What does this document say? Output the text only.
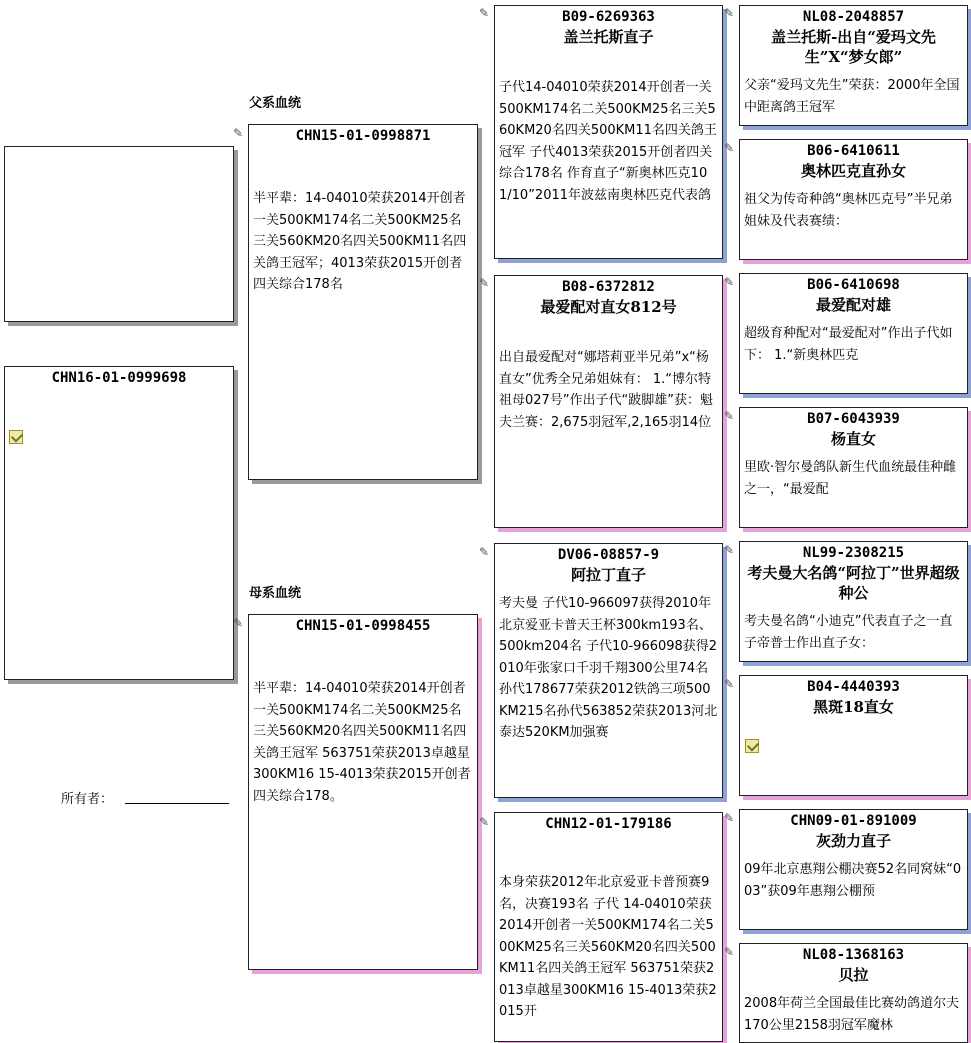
CHN16-01-0999698
所有者：
父系血统
母系血统
✎	CHN15-01-0998871
半平辈：14-04010荣获2014开创者一关500KM174名二关500KM25名三关560KM20名四关500KM11名四关鸽王冠军；4013荣获2015开创者四关综合178名
✎	CHN15-01-0998455
半平辈：14-04010荣获2014开创者一关500KM174名二关500KM25名三关560KM20名四关500KM11名四关鸽王冠军 563751荣获2013卓越星300KM16 15-4013荣获2015开创者四关综合178。
✎	B09-6269363
盖兰托斯直子
子代14-04010荣获2014开创者一关500KM174名二关500KM25名三关560KM20名四关500KM11名四关鸽王冠军 子代4013荣获2015开创者四关综合178名 作育直子“新奥林匹克101/10”2011年波兹南奥林匹克代表鸽
✎	B08-6372812
最爱配对直女812号
出自最爱配对“娜塔莉亚半兄弟”x“杨直女”优秀全兄弟姐妹有： 1.“博尔特祖母027号”作出子代“跛脚雄”获：魁夫兰赛：2,675羽冠军,2,165羽14位
✎	DV06-08857-9
阿拉丁直子
考夫曼 子代10-966097获得2010年北京爱亚卡普天王杯300km193名、500km204名 子代10-966098获得2010年张家口千羽千翔300公里74名孙代178677荣获2012铁鸽三项500KM215名孙代563852荣获2013河北泰达520KM加强赛
✎	CHN12-01-179186
本身荣获2012年北京爱亚卡普预赛9名，决赛193名 子代 14-04010荣获2014开创者一关500KM174名二关500KM25名三关560KM20名四关500KM11名四关鸽王冠军 563751荣获2013卓越星300KM16 15-4013荣获2015开
✎	NL08-2048857
盖兰托斯-出自“爱玛文先生”X“梦女郎”
父亲“爱玛文先生”荣获：2000年全国中距离鸽王冠军
✎	B06-6410611
奥林匹克直孙女
祖父为传奇种鸽“奥林匹克号”半兄弟姐妹及代表赛绩：
✎	B06-6410698
最爱配对雄
超级育种配对“最爱配对”作出子代如下： 1.“新奥林匹克
✎	B07-6043939
杨直女
里欧·智尔曼鸽队新生代血统最佳种雌之一，“最爱配
✎	NL99-2308215
考夫曼大名鸽“阿拉丁”世界超级种公
考夫曼名鸽“小迪克”代表直子之一直子帝普士作出直子女：
✎	B04-4440393
黑斑18直女
✎	CHN09-01-891009
灰劲力直子
09年北京惠翔公棚决赛52名同窝妹“003”获09年惠翔公棚预
✎	NL08-1368163
贝拉
2008年荷兰全国最佳比赛幼鸽道尔夫170公里2158羽冠军魔林
